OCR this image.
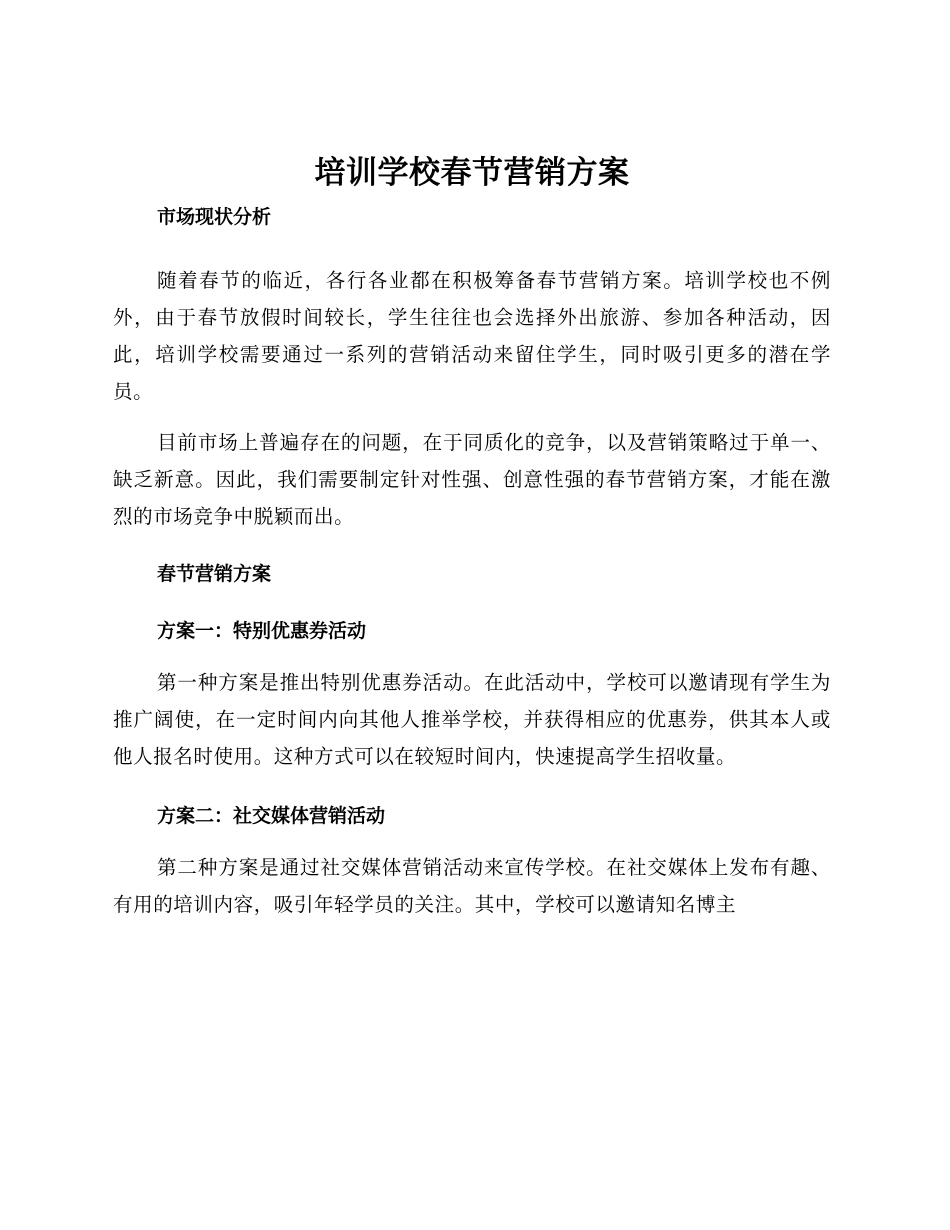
培训学校春节营销方案
市场现状分析

随着春节的临近，各行各业都在积极筹备春节营销方案。培训学校也不例外，由于春节放假时间较长，学生往往也会选择外出旅游、参加各种活动，因此，培训学校需要通过一系列的营销活动来留住学生，同时吸引更多的潜在学员。

目前市场上普遍存在的问题，在于同质化的竞争，以及营销策略过于单一、缺乏新意。因此，我们需要制定针对性强、创意性强的春节营销方案，才能在激烈的市场竞争中脱颖而出。

春节营销方案
方案一：特别优惠券活动

第一种方案是推出特别优惠券活动。在此活动中，学校可以邀请现有学生为推广阔使，在一定时间内向其他人推举学校，并获得相应的优惠券，供其本人或他人报名时使用。这种方式可以在较短时间内，快速提高学生招收量。

方案二：社交媒体营销活动

第二种方案是通过社交媒体营销活动来宣传学校。在社交媒体上发布有趣、有用的培训内容，吸引年轻学员的关注。其中，学校可以邀请知名博主
